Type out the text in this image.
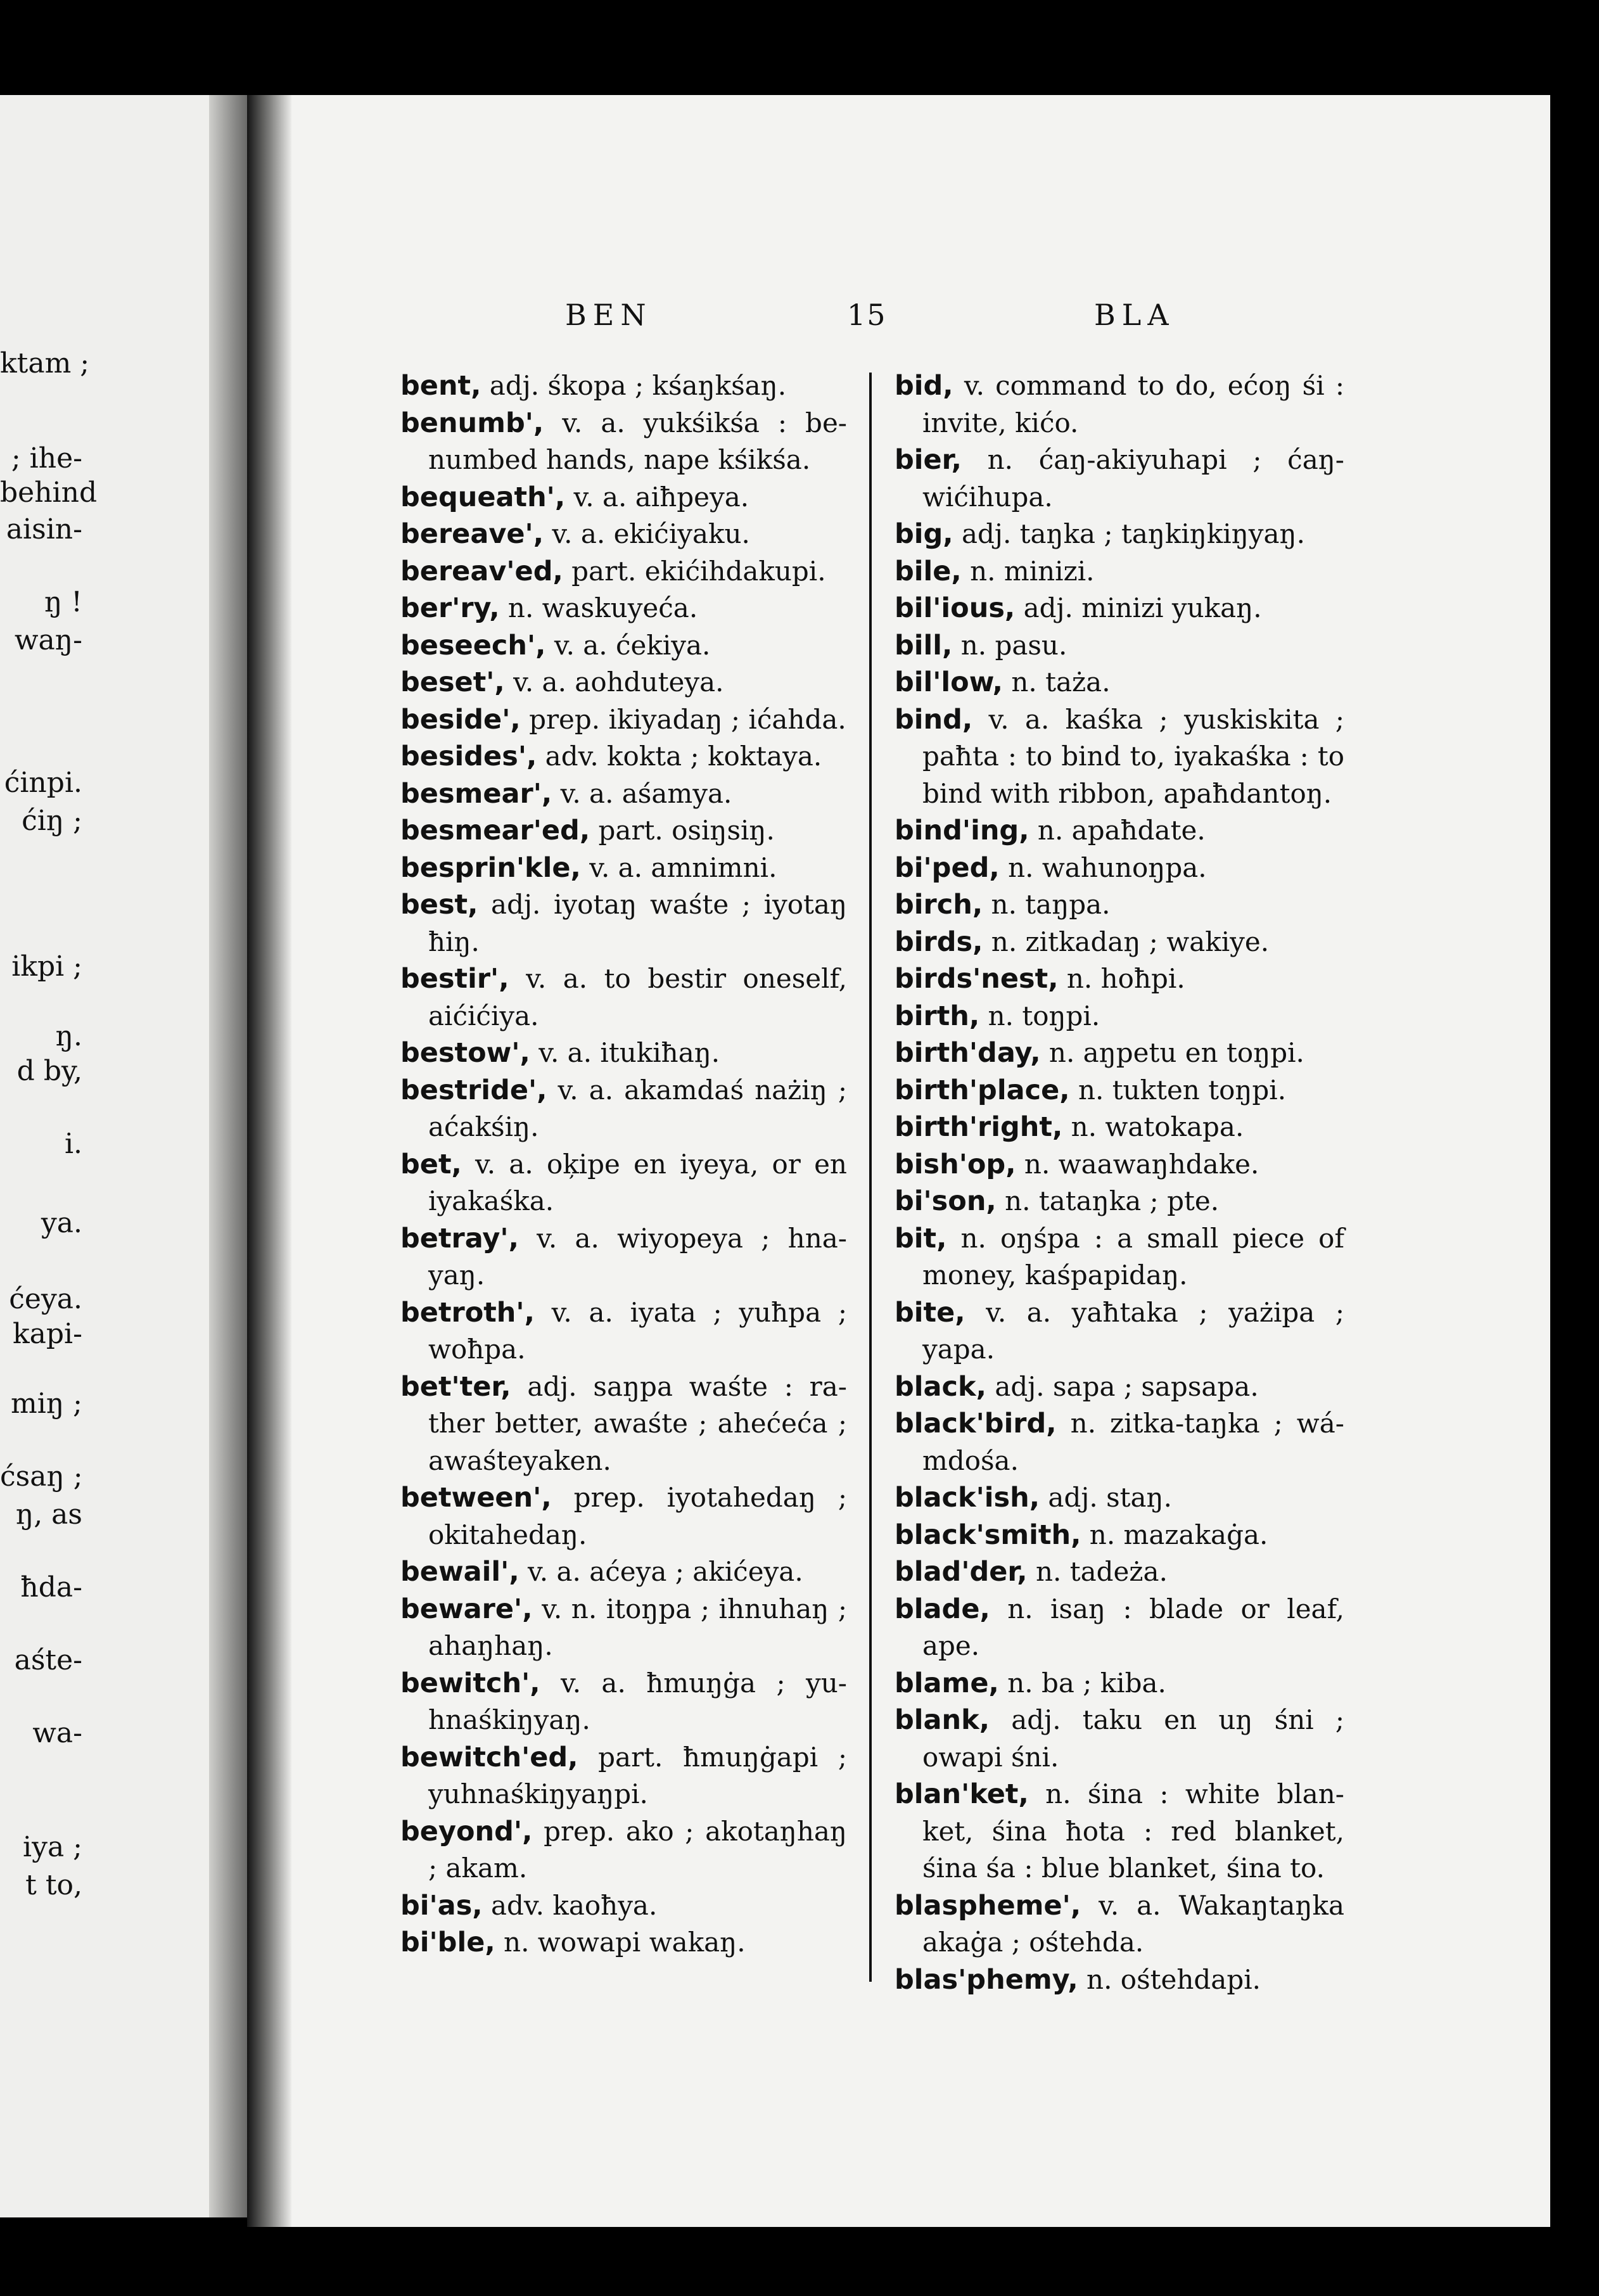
ktam ;
; ihe-
behind
aisin-
ŋ !
waŋ-
ćinpi.
ćiŋ ;
ikpi ;
ŋ.
d by,
i.
ya.
ćeya.
kapi-
miŋ ;
ćsaŋ ;
ŋ, as
ħda-
aśte-
wa-
iya ;
t to,
BEN	15	BLA

bent, adj. śkopa ; kśaŋkśaŋ.

benumb', v. a. yukśikśa : benumbed hands, nape kśikśa.

bequeath', v. a. aiħpeya.

bereave', v. a. ekićiyaku.

bereav'ed, part. ekićihdakupi.

ber'ry, n. waskuyeća.

beseech', v. a. ćekiya.

beset', v. a. aohduteya.

beside', prep. ikiyadaŋ ; ićahda.

besides', adv. kokta ; koktaya.

besmear', v. a. aśamya.

besmear'ed, part. osiŋsiŋ.

besprin'kle, v. a. amnimni.

best, adj. iyotaŋ waśte ; iyotaŋ ħiŋ.

bestir', v. a. to bestir oneself, aićićiya.

bestow', v. a. itukiħaŋ.

bestride', v. a. akamdaś nażiŋ ; aćakśiŋ.

bet, v. a. oķipe en iyeya, or en iyakaśka.

betray', v. a. wiyopeya ; hnayaŋ.

betroth', v. a. iyata ; yuħpa ; woħpa.

bet'ter, adj. saŋpa waśte : rather better, awaśte ; ahećeća ; awaśteyaken.

between', prep. iyotahedaŋ ; okitahedaŋ.

bewail', v. a. aćeya ; akićeya.

beware', v. n. itoŋpa ; ihnuhaŋ ; ahaŋhaŋ.

bewitch', v. a. ħmuŋġa ; yuhnaśkiŋyaŋ.

bewitch'ed, part. ħmuŋġapi ; yuhnaśkiŋyaŋpi.

beyond', prep. ako ; akotaŋhaŋ ; akam.

bi'as, adv. kaoħya.

bi'ble, n. wowapi wakaŋ.

bid, v. command to do, ećoŋ śi : invite, kićo.

bier, n. ćaŋ-akiyuhapi ; ćaŋwićihupa.

big, adj. taŋka ; taŋkiŋkiŋyaŋ.

bile, n. minizi.

bil'ious, adj. minizi yukaŋ.

bill, n. pasu.

bil'low, n. taża.

bind, v. a. kaśka ; yuskiskita ; paħta : to bind to, iyakaśka : to bind with ribbon, apaħdantoŋ.

bind'ing, n. apaħdate.

bi'ped, n. wahunoŋpa.

birch, n. taŋpa.

birds, n. zitkadaŋ ; wakiye.

birds'nest, n. hoħpi.

birth, n. toŋpi.

birth'day, n. aŋpetu en toŋpi.

birth'place, n. tukten toŋpi.

birth'right, n. watokapa.

bish'op, n. waawaŋhdake.

bi'son, n. tataŋka ; pte.

bit, n. oŋśpa : a small piece of money, kaśpapidaŋ.

bite, v. a. yaħtaka ; yażipa ; yapa.

black, adj. sapa ; sapsapa.

black'bird, n. zitka-taŋka ; wámdośa.

black'ish, adj. staŋ.

black'smith, n. mazakaġa.

blad'der, n. tadeża.

blade, n. isaŋ : blade or leaf, ape.

blame, n. ba ; kiba.

blank, adj. taku en uŋ śni ; owapi śni.

blan'ket, n. śina : white blanket, śina ħota : red blanket, śina śa : blue blanket, śina to.

blaspheme', v. a. Wakaŋtaŋka akaġa ; ośtehda.

blas'phemy, n. ośtehdapi.
